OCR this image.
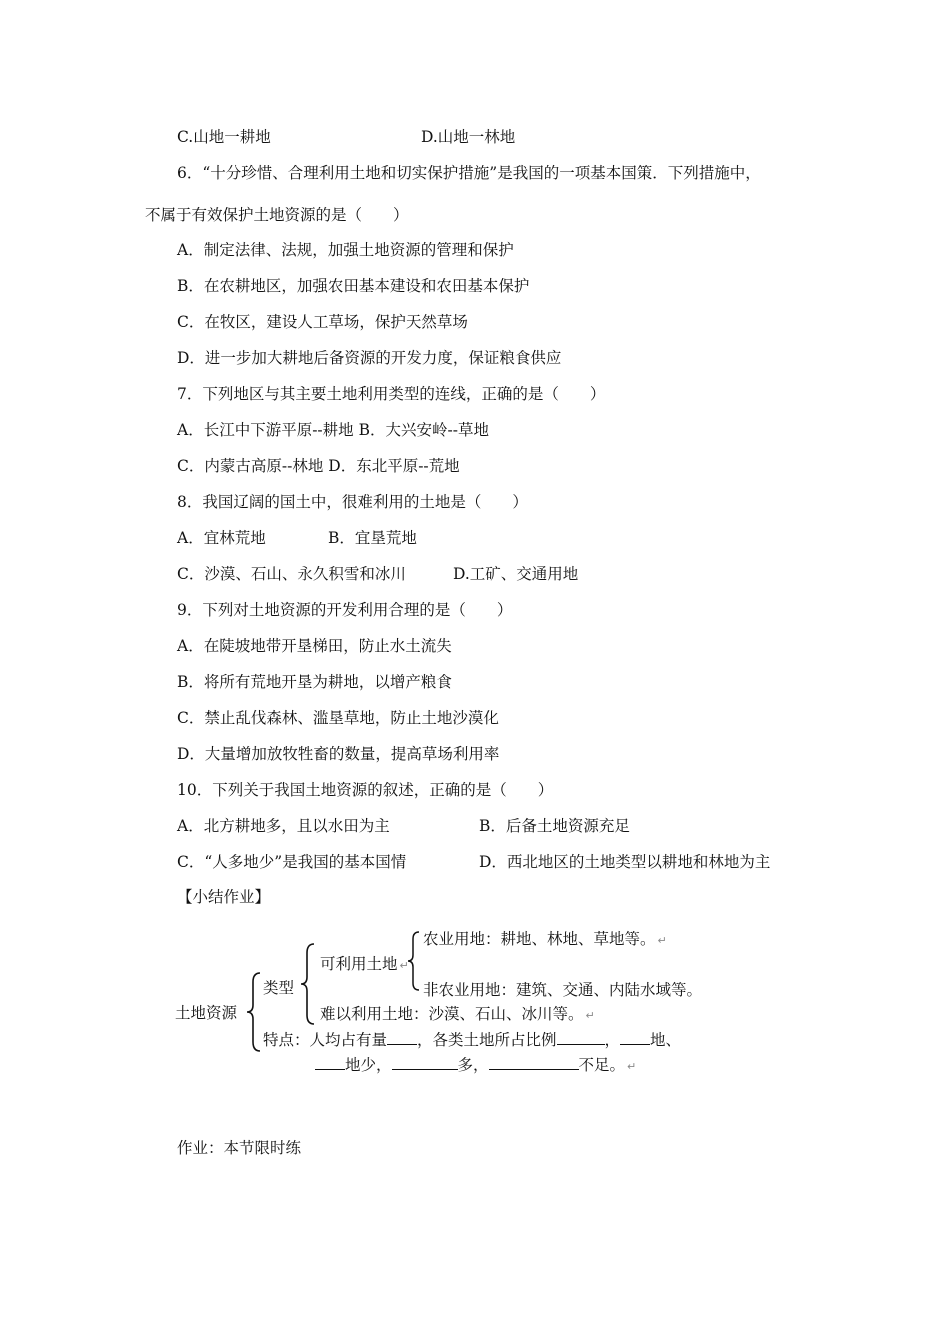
C.山地一耕地	D.山地一林地
6．“十分珍惜、合理利用土地和切实保护措施”是我国的一项基本国策．下列措施中，
不属于有效保护土地资源的是（　　）
A．制定法律、法规，加强土地资源的管理和保护
B．在农耕地区，加强农田基本建设和农田基本保护
C．在牧区，建设人工草场，保护天然草场
D．进一步加大耕地后备资源的开发力度，保证粮食供应
7．下列地区与其主要土地利用类型的连线，正确的是（　　）
A．长江中下游平原--耕地 B．大兴安岭--草地
C．内蒙古高原--林地 D．东北平原--荒地
8．我国辽阔的国土中，很难利用的土地是（　　）
A．宜林荒地	B．宜垦荒地
C．沙漠、石山、永久积雪和冰川	D.工矿、交通用地
9．下列对土地资源的开发利用合理的是（　　）
A．在陡坡地带开垦梯田，防止水土流失
B．将所有荒地开垦为耕地，以增产粮食
C．禁止乱伐森林、滥垦草地，防止土地沙漠化
D．大量增加放牧牲畜的数量，提高草场利用率
10．下列关于我国土地资源的叙述，正确的是（　　）
A．北方耕地多，且以水田为主	B．后备土地资源充足
C．“人多地少”是我国的基本国情	D．西北地区的土地类型以耕地和林地为主
【小结作业】
土地资源
类型
可利用土地 ↵
农业用地：耕地、林地、草地等。 ↵
非农业用地：建筑、交通、内陆水域等。
难以利用土地：沙漠、石山、冰川等。 ↵
特点：人均占有量 ，各类土地所占比例	， 地、
地少，	多，	不足。 ↵
作业：本节限时练
